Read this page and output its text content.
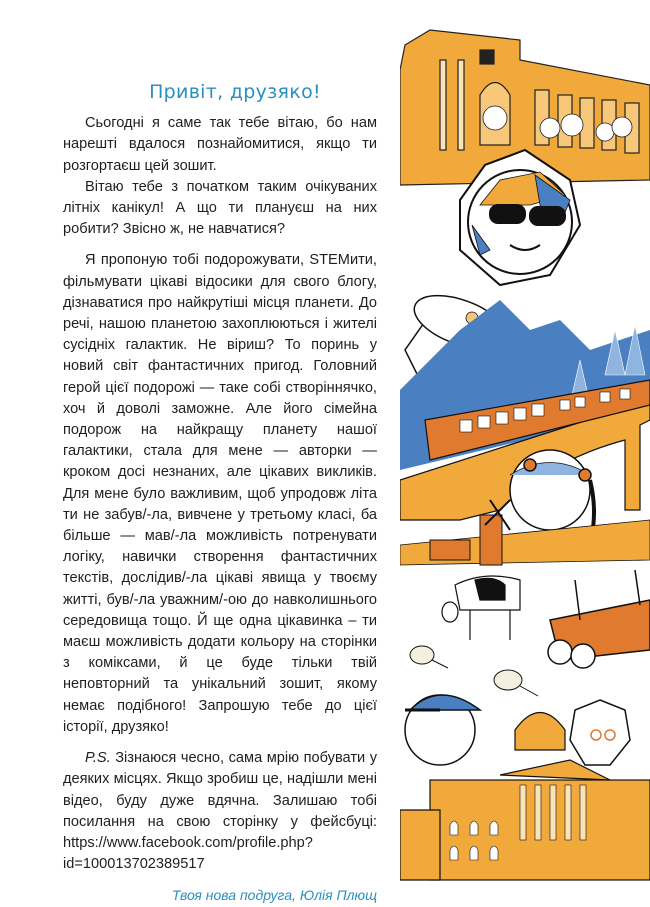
Привіт, друзяко!

Сьогодні я саме так тебе вітаю, бо нам нарешті вдалося познайомитися, якщо ти розгортаєш цей зошит.

Вітаю тебе з початком таким очікуваних літніх канікул! А що ти плануєш на них робити? Звісно ж, не навчатися?

Я пропоную тобі подорожувати, STEMити, фільмувати цікаві відосики для свого блогу, дізнаватися про найкрутіші місця планети. До речі, нашою планетою захоплюються і жителі сусідніх галактик. Не віриш? То поринь у новий світ фантастичних пригод. Головний герой цієї подорожі — таке собі створіннячко, хоч й доволі заможне. Але його сімейна подорож на найкращу планету нашої галактики, стала для мене — авторки — кроком досі незнаних, але цікавих викликів. Для мене було важливим, щоб упродовж літа ти не забув/-ла, вивчене у третьому класі, ба більше — мав/-ла можливість потренувати логіку, навички створення фантастичних текстів, дослідив/-ла цікаві явища у твоєму житті, був/-ла уважним/-ою до навколишнього середовища тощо. Й ще одна цікавинка – ти маєш можливість додати кольору на сторінки з коміксами, й це буде тільки твій неповторний та унікальний зошит, якому немає подібного! Запрошую тебе до цієї історії, друзяко!

P.S. Зізнаюся чесно, сама мрію побувати у деяких місцях. Якщо зробиш це, надішли мені відео, буду дуже вдячна. Залишаю тобі посилання на свою сторінку у фейсбуці: https://www.facebook.com/profile.php?id=100013702389517

Твоя нова подруга, Юлія Плющ
